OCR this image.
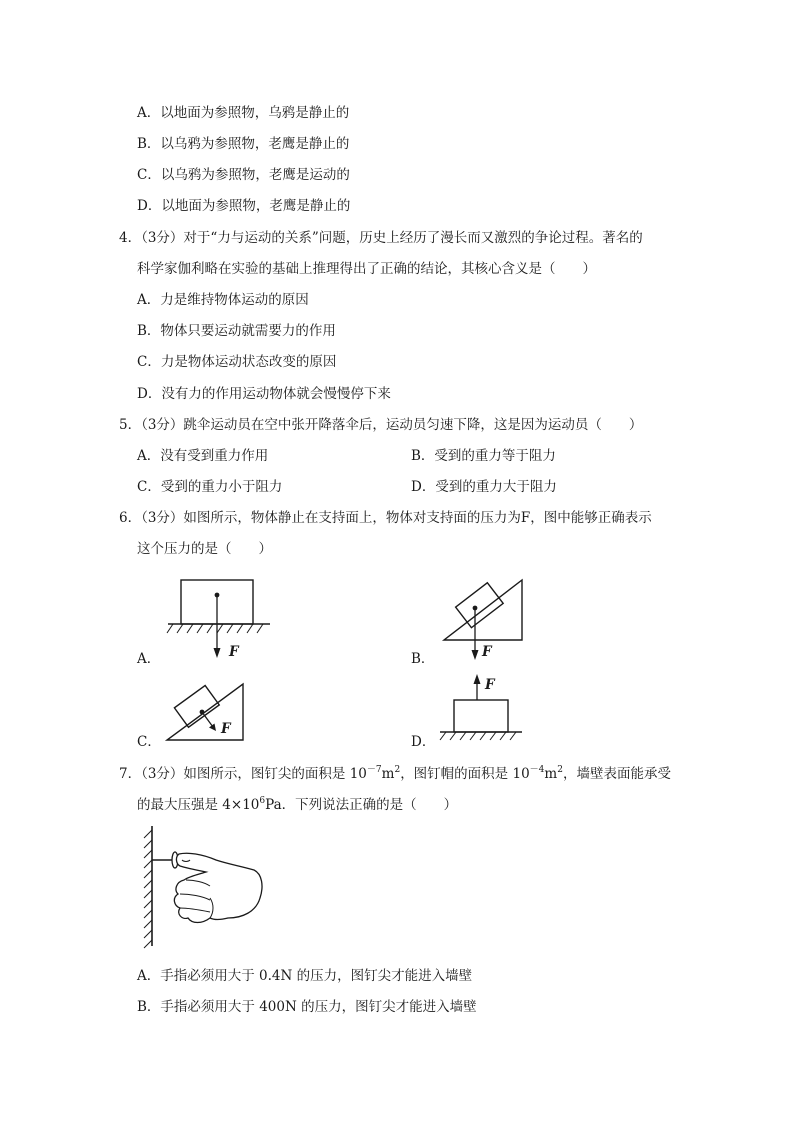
A．以地面为参照物，乌鸦是静止的
B．以乌鸦为参照物，老鹰是静止的
C．以乌鸦为参照物，老鹰是运动的
D．以地面为参照物，老鹰是静止的
4．（3分）对于“力与运动的关系”问题，历史上经历了漫长而又激烈的争论过程。著名的
科学家伽利略在实验的基础上推理得出了正确的结论，其核心含义是（　　）
A．力是维持物体运动的原因
B．物体只要运动就需要力的作用
C．力是物体运动状态改变的原因
D．没有力的作用运动物体就会慢慢停下来
5．（3分）跳伞运动员在空中张开降落伞后，运动员匀速下降，这是因为运动员（　　）
A．没有受到重力作用	B．受到的重力等于阻力
C．受到的重力小于阻力	D．受到的重力大于阻力
6．（3分）如图所示，物体静止在支持面上，物体对支持面的压力为F，图中能够正确表示
这个压力的是（　　）
F
A．	F
B．
F
C．
F
D．
7．（3分）如图所示，图钉尖的面积是 $10^{-7}m^2$，图钉帽的面积是 $10^{-4}m^2$，墙壁表面能承受
的最大压强是 $4\times 10^6Pa$．下列说法正确的是（　　）
A．手指必须用大于 0.4N 的压力，图钉尖才能进入墙壁
B．手指必须用大于 400N 的压力，图钉尖才能进入墙壁
